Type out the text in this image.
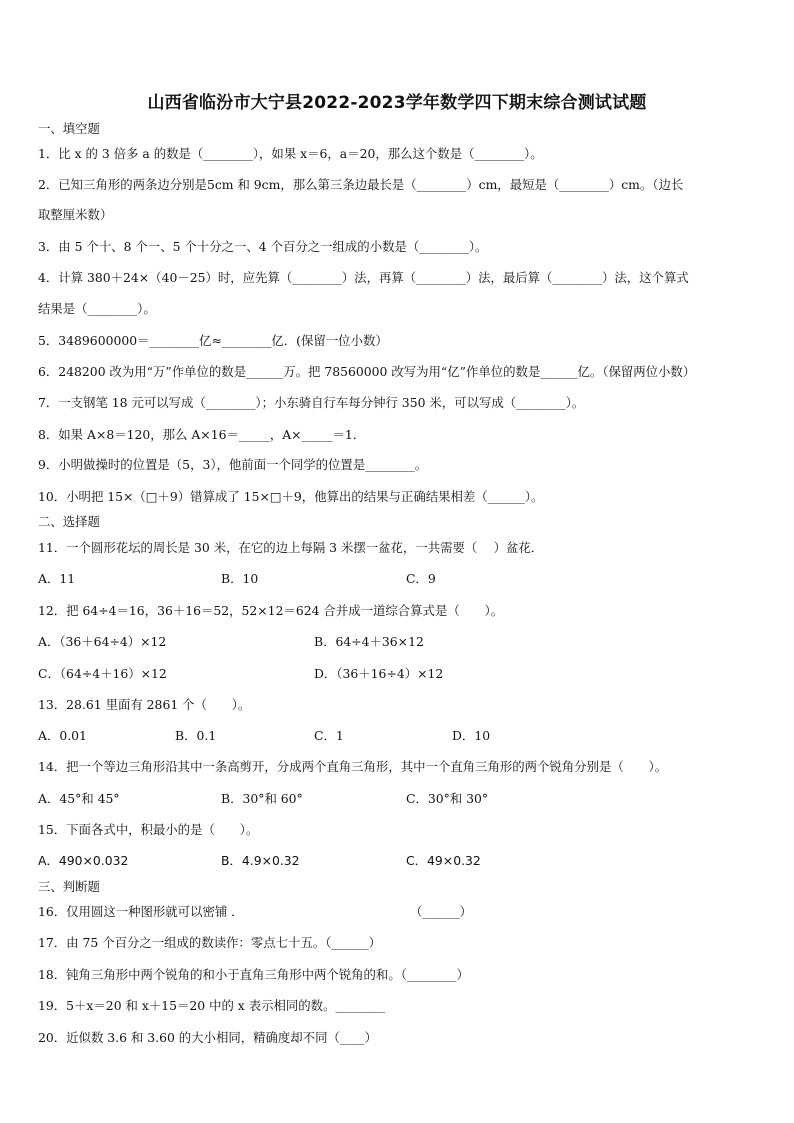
山西省临汾市大宁县2022-2023学年数学四下期末综合测试试题
一、填空题
1．比 x 的 3 倍多 a 的数是（________），如果 x＝6，a＝20，那么这个数是（________）。
2．已知三角形的两条边分别是5cm 和 9cm，那么第三条边最长是（________）cm，最短是（________）cm。（边长
取整厘米数）
3．由 5 个十、8 个一、5 个十分之一、4 个百分之一组成的小数是（________）。
4．计算 380＋24×（40－25）时，应先算（________）法，再算（________）法，最后算（________）法，这个算式
结果是（________）。
5．3489600000＝________亿≈________亿．(保留一位小数）
6．248200 改为用“万”作单位的数是______万。把 78560000 改写为用“亿”作单位的数是______亿。（保留两位小数）
7．一支钢笔 18 元可以写成（________）；小东骑自行车每分钟行 350 米，可以写成（________）。
8．如果 A×8＝120，那么 A×16＝_____，A×_____＝1．
9．小明做操时的位置是（5，3），他前面一个同学的位置是________。
10．小明把 15×（□＋9）错算成了 15×□＋9，他算出的结果与正确结果相差（______）。
二、选择题
11．一个圆形花坛的周长是 30 米，在它的边上每隔 3 米摆一盆花，一共需要（　 ）盆花．
A．11	B．10	C．9
12．把 64÷4＝16，36＋16＝52，52×12＝624 合并成一道综合算式是（　　）。
A．（36＋64÷4）×12	B．64÷4＋36×12
C．（64÷4＋16）×12	D．（36＋16÷4）×12
13．28.61 里面有 2861 个（　　）。
A．0.01	B．0.1	C．1	D．10
14．把一个等边三角形沿其中一条高剪开，分成两个直角三角形，其中一个直角三角形的两个锐角分别是（　　）。
A．45°和 45°	B．30°和 60°	C．30°和 30°
15．下面各式中，积最小的是（　　）。
A．490×0.032	B．4.9×0.32	C．49×0.32
三、判断题
16．仅用圆这一种图形就可以密铺 ．	（______）
17．由 75 个百分之一组成的数读作：零点七十五。（______）
18．钝角三角形中两个锐角的和小于直角三角形中两个锐角的和。（________）
19．5＋x＝20 和 x＋15＝20 中的 x 表示相同的数。________
20．近似数 3.6 和 3.60 的大小相同，精确度却不同（____）
